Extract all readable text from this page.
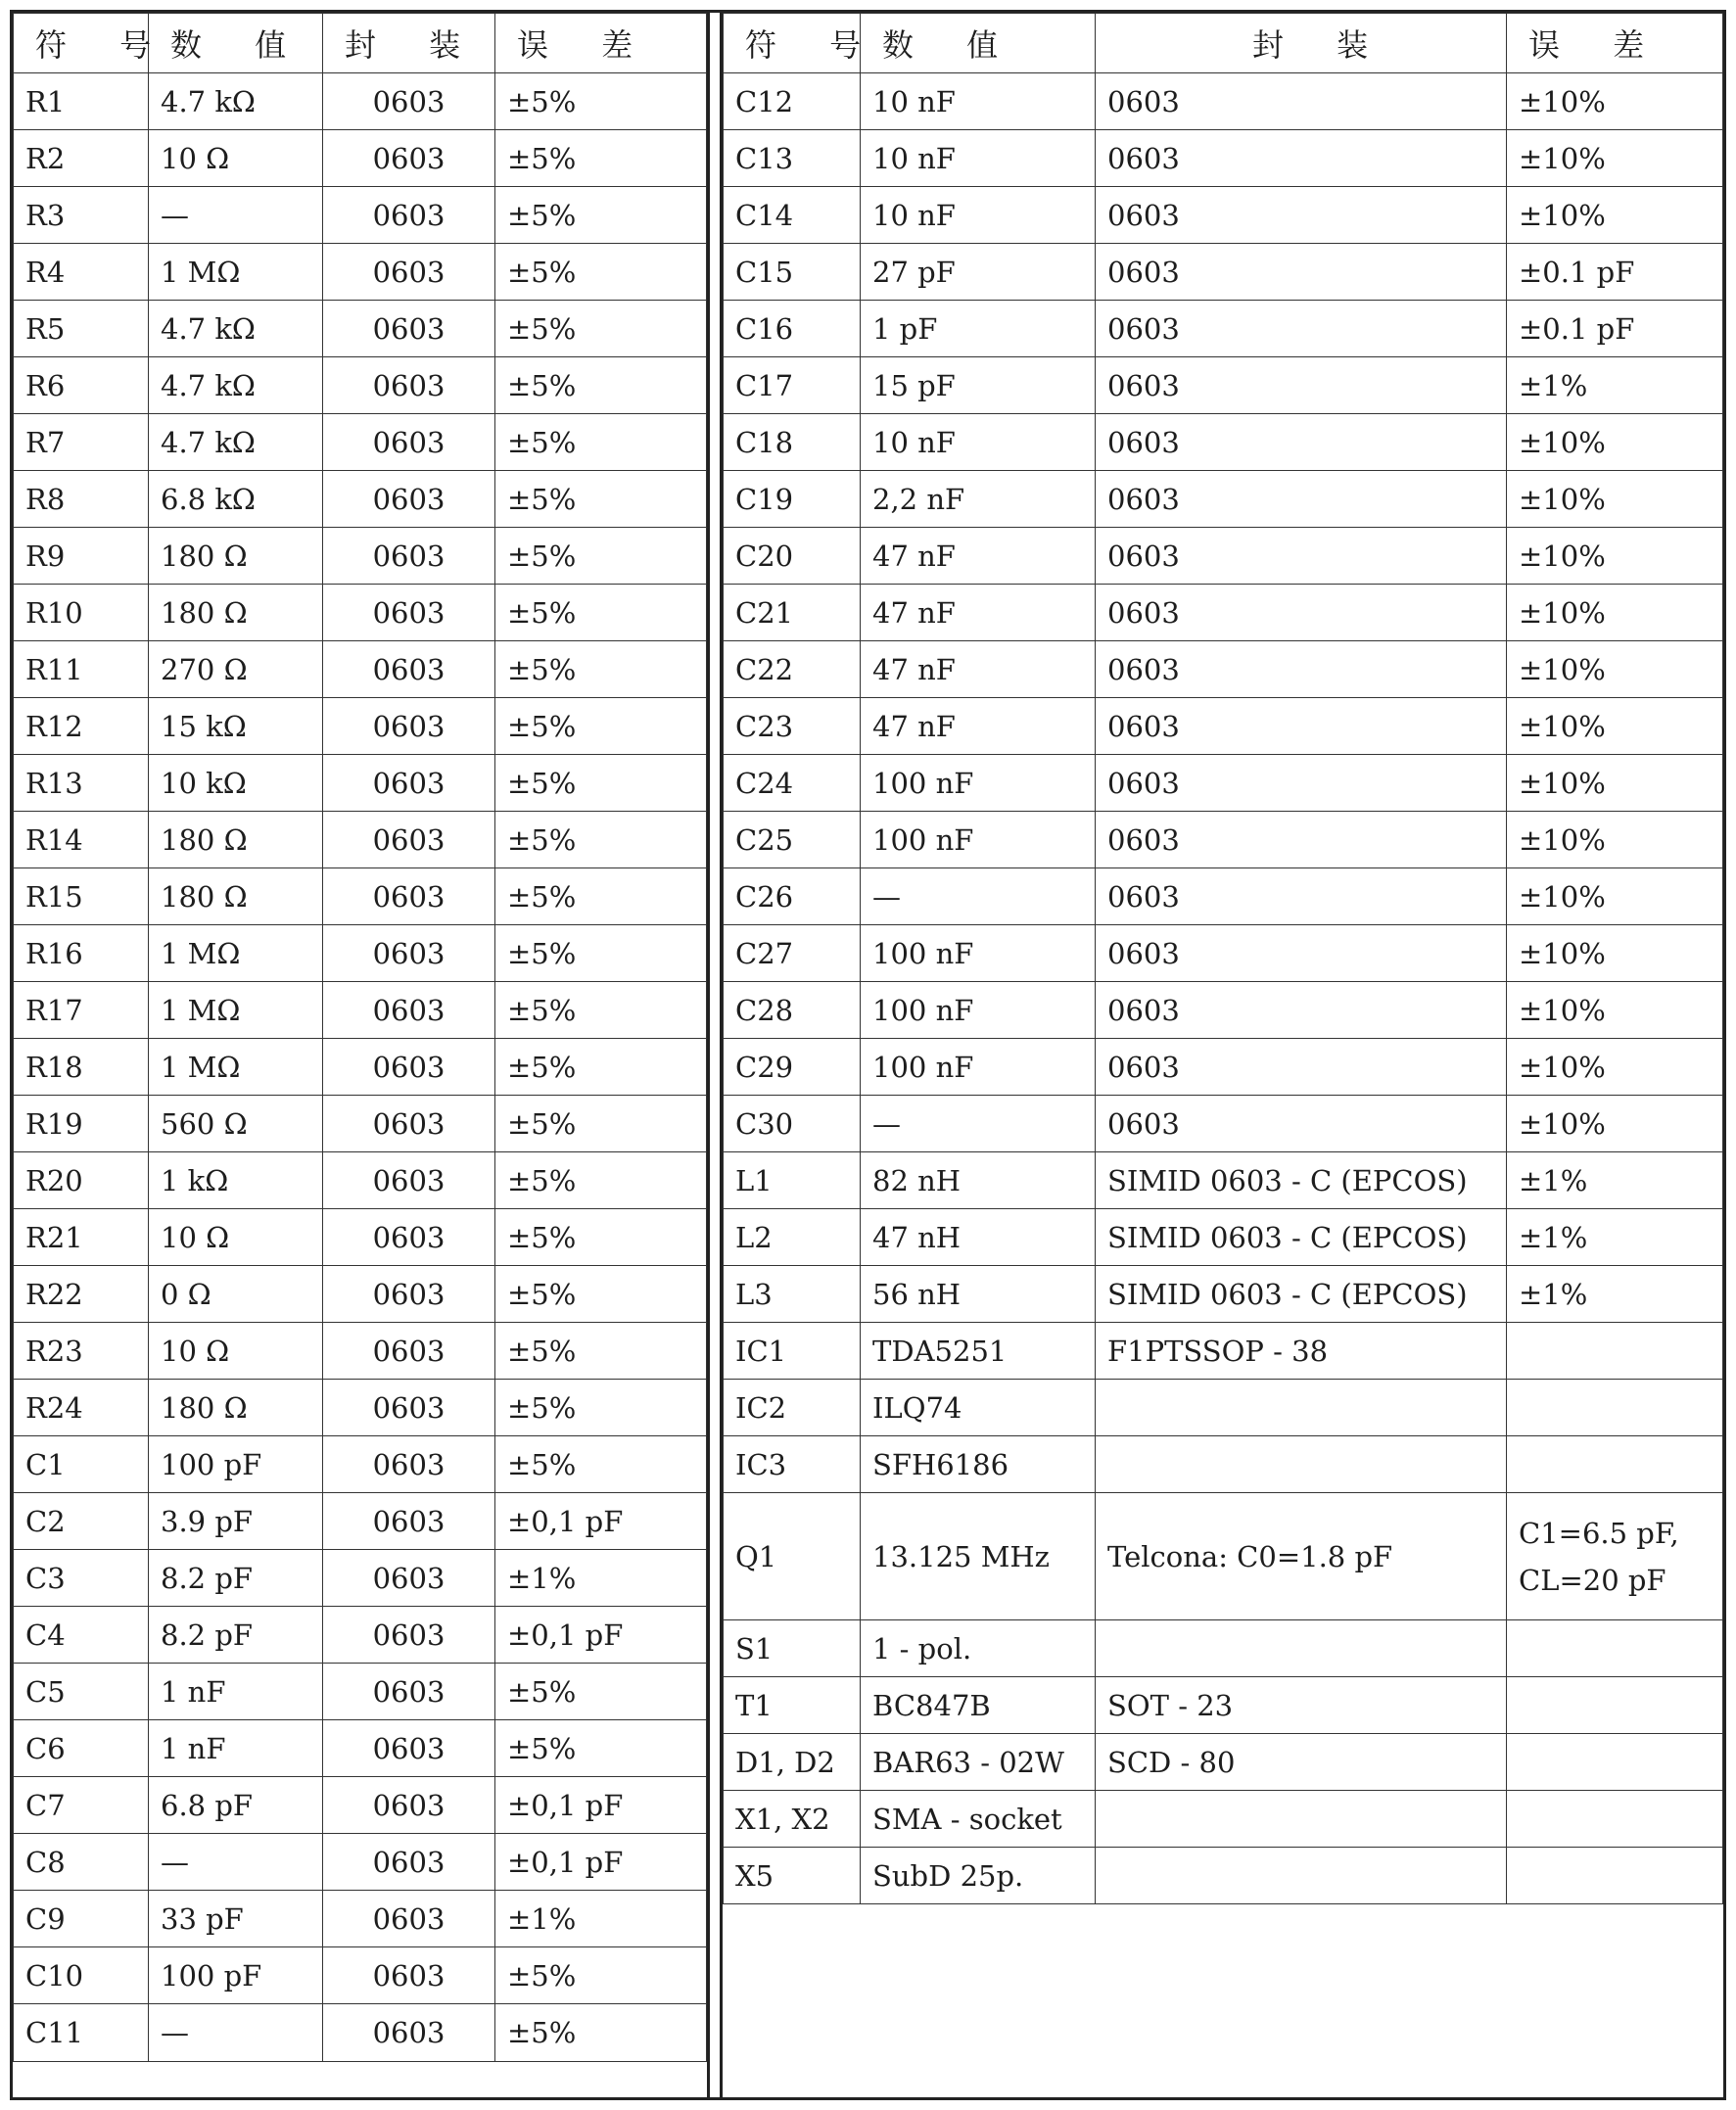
符 号	数 值	封 装	误 差
R1	4.7 kΩ	0603	±5%
R2	10 Ω	0603	±5%
R3	—	0603	±5%
R4	1 MΩ	0603	±5%
R5	4.7 kΩ	0603	±5%
R6	4.7 kΩ	0603	±5%
R7	4.7 kΩ	0603	±5%
R8	6.8 kΩ	0603	±5%
R9	180 Ω	0603	±5%
R10	180 Ω	0603	±5%
R11	270 Ω	0603	±5%
R12	15 kΩ	0603	±5%
R13	10 kΩ	0603	±5%
R14	180 Ω	0603	±5%
R15	180 Ω	0603	±5%
R16	1 MΩ	0603	±5%
R17	1 MΩ	0603	±5%
R18	1 MΩ	0603	±5%
R19	560 Ω	0603	±5%
R20	1 kΩ	0603	±5%
R21	10 Ω	0603	±5%
R22	0 Ω	0603	±5%
R23	10 Ω	0603	±5%
R24	180 Ω	0603	±5%
C1	100 pF	0603	±5%
C2	3.9 pF	0603	±0,1 pF
C3	8.2 pF	0603	±1%
C4	8.2 pF	0603	±0,1 pF
C5	1 nF	0603	±5%
C6	1 nF	0603	±5%
C7	6.8 pF	0603	±0,1 pF
C8	—	0603	±0,1 pF
C9	33 pF	0603	±1%
C10	100 pF	0603	±5%
C11	—	0603	±5%
符 号	数 值	封 装	误 差
C12	10 nF	0603	±10%
C13	10 nF	0603	±10%
C14	10 nF	0603	±10%
C15	27 pF	0603	±0.1 pF
C16	1 pF	0603	±0.1 pF
C17	15 pF	0603	±1%
C18	10 nF	0603	±10%
C19	2,2 nF	0603	±10%
C20	47 nF	0603	±10%
C21	47 nF	0603	±10%
C22	47 nF	0603	±10%
C23	47 nF	0603	±10%
C24	100 nF	0603	±10%
C25	100 nF	0603	±10%
C26	—	0603	±10%
C27	100 nF	0603	±10%
C28	100 nF	0603	±10%
C29	100 nF	0603	±10%
C30	—	0603	±10%
L1	82 nH	SIMID 0603 - C (EPCOS)	±1%
L2	47 nH	SIMID 0603 - C (EPCOS)	±1%
L3	56 nH	SIMID 0603 - C (EPCOS)	±1%
IC1	TDA5251	F1PTSSOP - 38	
IC2	ILQ74		
IC3	SFH6186		
Q1	13.125 MHz	Telcona: C0=1.8 pF	C1=6.5 pF,
CL=20 pF

S1	1 - pol.		
T1	BC847B	SOT - 23	
D1, D2	BAR63 - 02W	SCD - 80	
X1, X2	SMA - socket		
X5	SubD 25p.		
